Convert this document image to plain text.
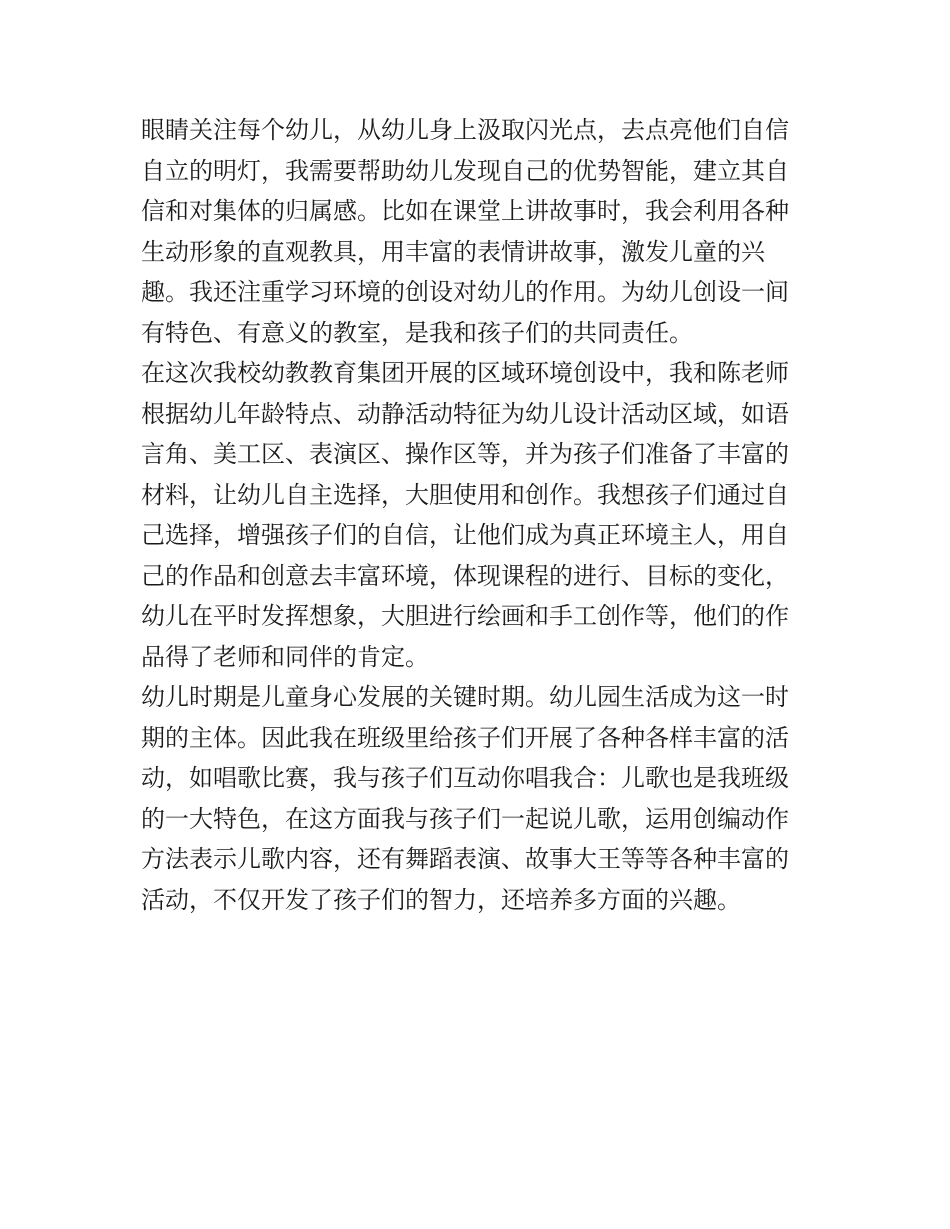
眼睛关注每个幼儿，从幼儿身上汲取闪光点，去点亮他们自信
自立的明灯，我需要帮助幼儿发现自己的优势智能，建立其自
信和对集体的归属感。比如在课堂上讲故事时，我会利用各种
生动形象的直观教具，用丰富的表情讲故事，激发儿童的兴
趣。我还注重学习环境的创设对幼儿的作用。为幼儿创设一间
有特色、有意义的教室，是我和孩子们的共同责任。
在这次我校幼教教育集团开展的区域环境创设中，我和陈老师
根据幼儿年龄特点、动静活动特征为幼儿设计活动区域，如语
言角、美工区、表演区、操作区等，并为孩子们准备了丰富的
材料，让幼儿自主选择，大胆使用和创作。我想孩子们通过自
己选择，增强孩子们的自信，让他们成为真正环境主人，用自
己的作品和创意去丰富环境，体现课程的进行、目标的变化，
幼儿在平时发挥想象，大胆进行绘画和手工创作等，他们的作
品得了老师和同伴的肯定。
幼儿时期是儿童身心发展的关键时期。幼儿园生活成为这一时
期的主体。因此我在班级里给孩子们开展了各种各样丰富的活
动，如唱歌比赛，我与孩子们互动你唱我合：儿歌也是我班级
的一大特色，在这方面我与孩子们一起说儿歌，运用创编动作
方法表示儿歌内容，还有舞蹈表演、故事大王等等各种丰富的
活动，不仅开发了孩子们的智力，还培养多方面的兴趣。
